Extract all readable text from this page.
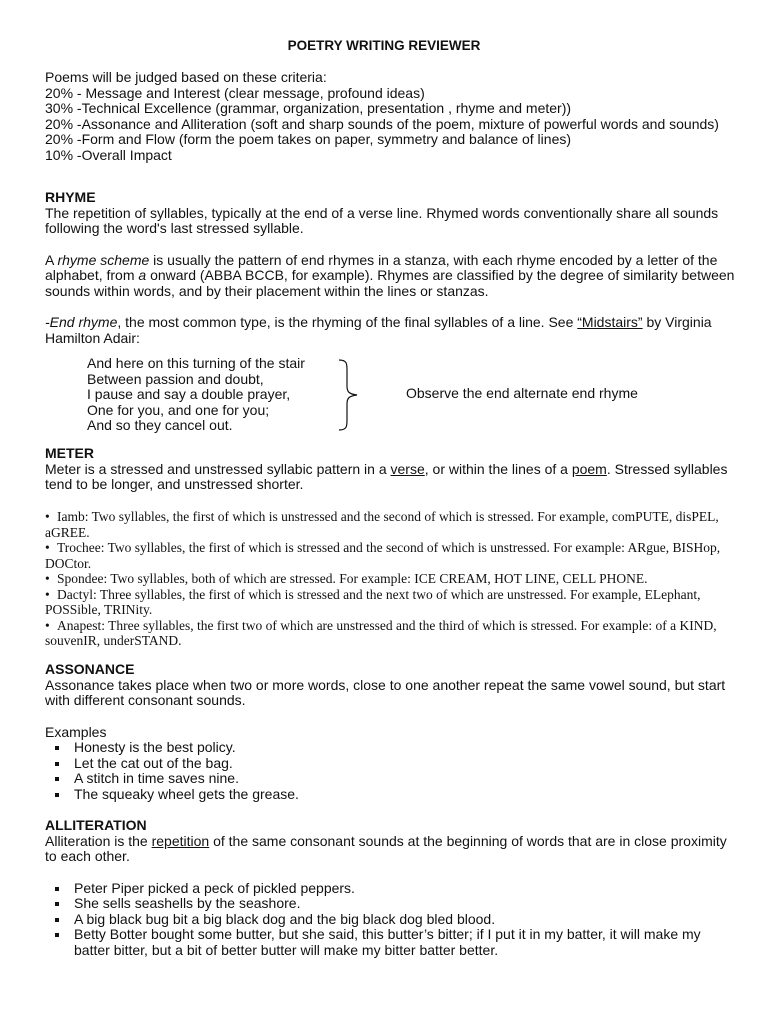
POETRY WRITING REVIEWER

Poems will be judged based on these criteria:

20% - Message and Interest (clear message, profound ideas)

30% -Technical Excellence (grammar, organization, presentation , rhyme and meter))

20% -Assonance and Alliteration (soft and sharp sounds of the poem, mixture of powerful words and sounds)

20% -Form and Flow (form the poem takes on paper, symmetry and balance of lines)

10% -Overall Impact

RHYME

The repetition of syllables, typically at the end of a verse line. Rhymed words conventionally share all sounds following the word's last stressed syllable.

A rhyme scheme is usually the pattern of end rhymes in a stanza, with each rhyme encoded by a letter of the alphabet, from a onward (ABBA BCCB, for example). Rhymes are classified by the degree of similarity between sounds within words, and by their placement within the lines or stanzas.

-End rhyme, the most common type, is the rhyming of the final syllables of a line. See “Midstairs” by Virginia Hamilton Adair:

And here on this turning of the stair
Between passion and doubt,
I pause and say a double prayer,
One for you, and one for you;
And so they cancel out.
Observe the end alternate end rhyme

METER

Meter is a stressed and unstressed syllabic pattern in a verse, or within the lines of a poem. Stressed syllables tend to be longer, and unstressed shorter.

• Iamb: Two syllables, the first of which is unstressed and the second of which is stressed. For example, comPUTE, disPEL, aGREE.
• Trochee: Two syllables, the first of which is stressed and the second of which is unstressed. For example: ARgue, BISHop, DOCtor.
• Spondee: Two syllables, both of which are stressed. For example: ICE CREAM, HOT LINE, CELL PHONE.
• Dactyl: Three syllables, the first of which is stressed and the next two of which are unstressed. For example, ELephant, POSSible, TRINity.
• Anapest: Three syllables, the first two of which are unstressed and the third of which is stressed. For example: of a KIND, souvenIR, underSTAND.

ASSONANCE

Assonance takes place when two or more words, close to one another repeat the same vowel sound, but start with different consonant sounds.

Examples

Honesty is the best policy.
Let the cat out of the bag.
A stitch in time saves nine.
The squeaky wheel gets the grease.

ALLITERATION

Alliteration is the repetition of the same consonant sounds at the beginning of words that are in close proximity to each other.

Peter Piper picked a peck of pickled peppers.
She sells seashells by the seashore.
A big black bug bit a big black dog and the big black dog bled blood.
Betty Botter bought some butter, but she said, this butter’s bitter; if I put it in my batter, it will make my batter bitter, but a bit of better butter will make my bitter batter better.
